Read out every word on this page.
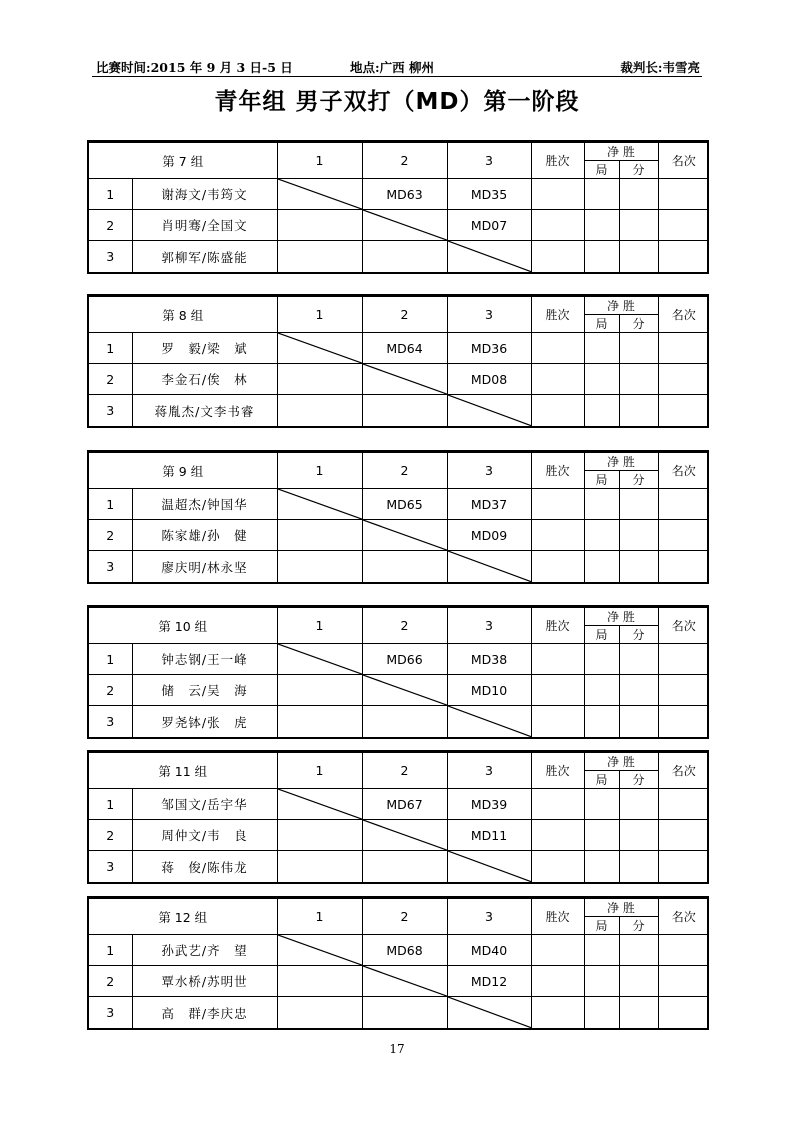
比赛时间:2015 年 9 月 3 日-5 日	地点:广西 柳州	裁判长:韦雪亮
青年组 男子双打（MD）第一阶段
第 7 组		1	2	3	胜次	净 胜		名次
						局	分	
1	谢海文/韦筠文		MD63	MD35				
2	肖明骞/全国文			MD07				
3	郭柳军/陈盛能			

第 8 组		1	2	3	胜次	净 胜		名次
						局	分	
1	罗　毅/梁　斌		MD64	MD36				
2	李金石/俟　林			MD08				
3	蒋胤杰/文李书睿			

第 9 组		1	2	3	胜次	净 胜		名次
						局	分	
1	温超杰/钟国华		MD65	MD37				
2	陈家雄/孙　健			MD09				
3	廖庆明/林永坚			

第 10 组		1	2	3	胜次	净 胜		名次
						局	分	
1	钟志钢/王一峰		MD66	MD38				
2	储　云/吴　海			MD10				
3	罗尧钵/张　虎			

第 11 组		1	2	3	胜次	净 胜		名次
						局	分	
1	邹国文/岳宇华		MD67	MD39				
2	周仲文/韦　良			MD11				
3	蒋　俊/陈伟龙			

第 12 组		1	2	3	胜次	净 胜		名次
						局	分	
1	孙武艺/齐　望		MD68	MD40				
2	覃水桥/苏明世			MD12				
3	高　群/李庆忠			

17
